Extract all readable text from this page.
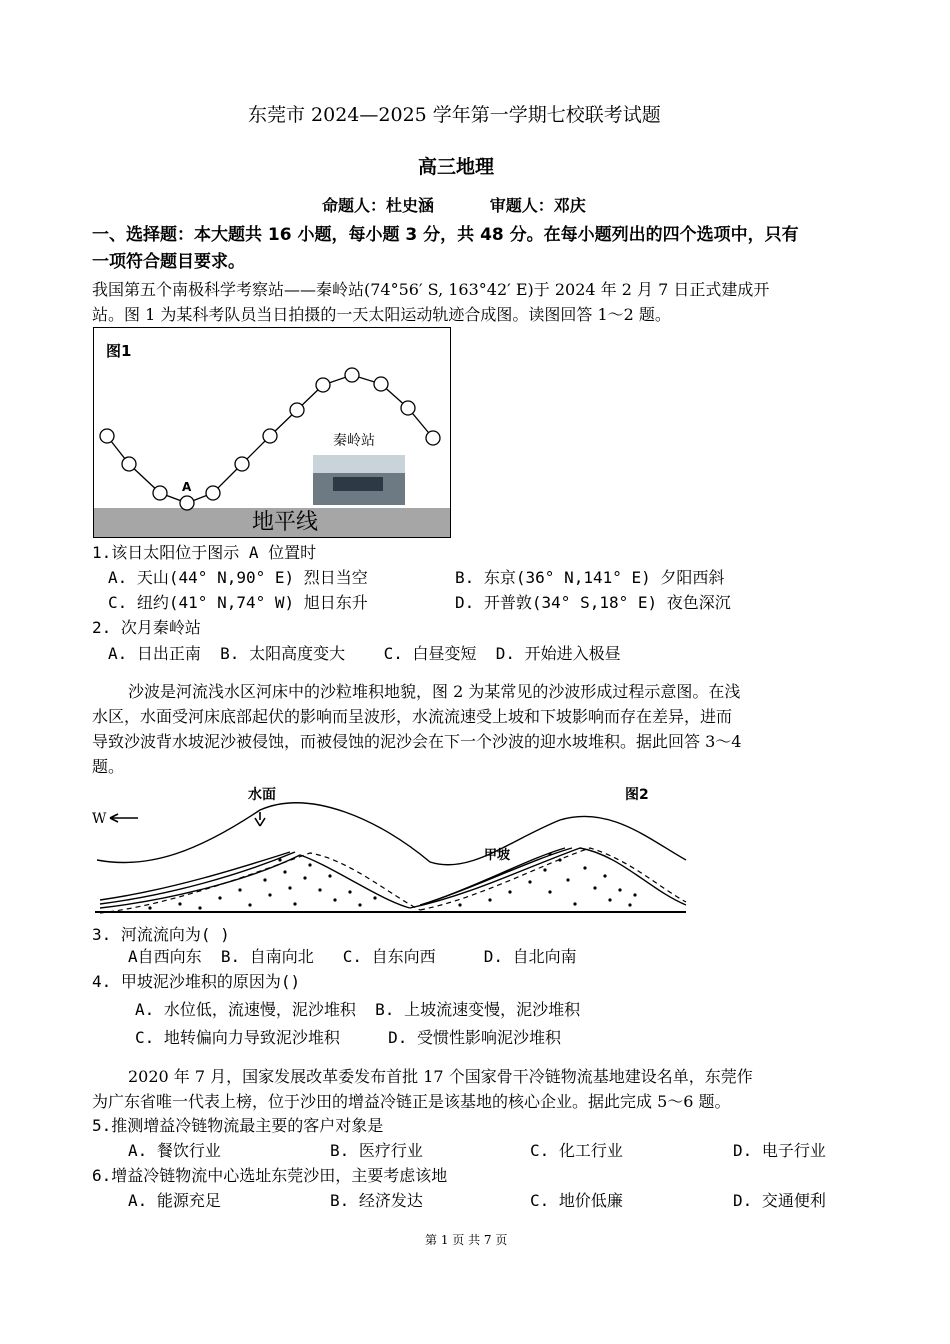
东莞市 2024—2025 学年第一学期七校联考试题
高三地理
命题人：杜史涵          审题人：邓庆
一、选择题：本大题共 16 小题，每小题 3 分，共 48 分。在每小题列出的四个选项中，只有
一项符合题目要求。
我国第五个南极科学考察站——秦岭站(74°56′ S, 163°42′ E)于 2024 年 2 月 7 日正式建成开
站。图 1 为某科考队员当日拍摄的一天太阳运动轨迹合成图。读图回答 1～2 题。
图1
A
秦岭站
地平线
1.该日太阳位于图示 A 位置时
A. 天山(44° N,90° E) 烈日当空	B. 东京(36° N,141° E) 夕阳西斜
C. 纽约(41° N,74° W) 旭日东升	D. 开普敦(34° S,18° E) 夜色深沉
2. 次月秦岭站
A. 日出正南  B. 太阳高度变大    C. 白昼变短  D. 开始进入极昼
沙波是河流浅水区河床中的沙粒堆积地貌，图 2 为某常见的沙波形成过程示意图。在浅
水区，水面受河床底部起伏的影响而呈波形，水流流速受上坡和下坡影响而存在差异，进而
导致沙波背水坡泥沙被侵蚀，而被侵蚀的泥沙会在下一个沙波的迎水坡堆积。据此回答 3～4
题。
水面	图2
W
甲坡
3. 河流流向为( )
A自西向东  B. 自南向北   C. 自东向西     D. 自北向南
4. 甲坡泥沙堆积的原因为()
A. 水位低，流速慢，泥沙堆积  B. 上坡流速变慢，泥沙堆积
C. 地转偏向力导致泥沙堆积     D. 受惯性影响泥沙堆积
2020 年 7 月，国家发展改革委发布首批 17 个国家骨干冷链物流基地建设名单，东莞作
为广东省唯一代表上榜，位于沙田的增益冷链正是该基地的核心企业。据此完成 5～6 题。
5.推测增益冷链物流最主要的客户对象是
A. 餐饮行业	B. 医疗行业	C. 化工行业	D. 电子行业
6.增益冷链物流中心选址东莞沙田，主要考虑该地
A. 能源充足	B. 经济发达	C. 地价低廉	D. 交通便利
第 1 页 共 7 页
